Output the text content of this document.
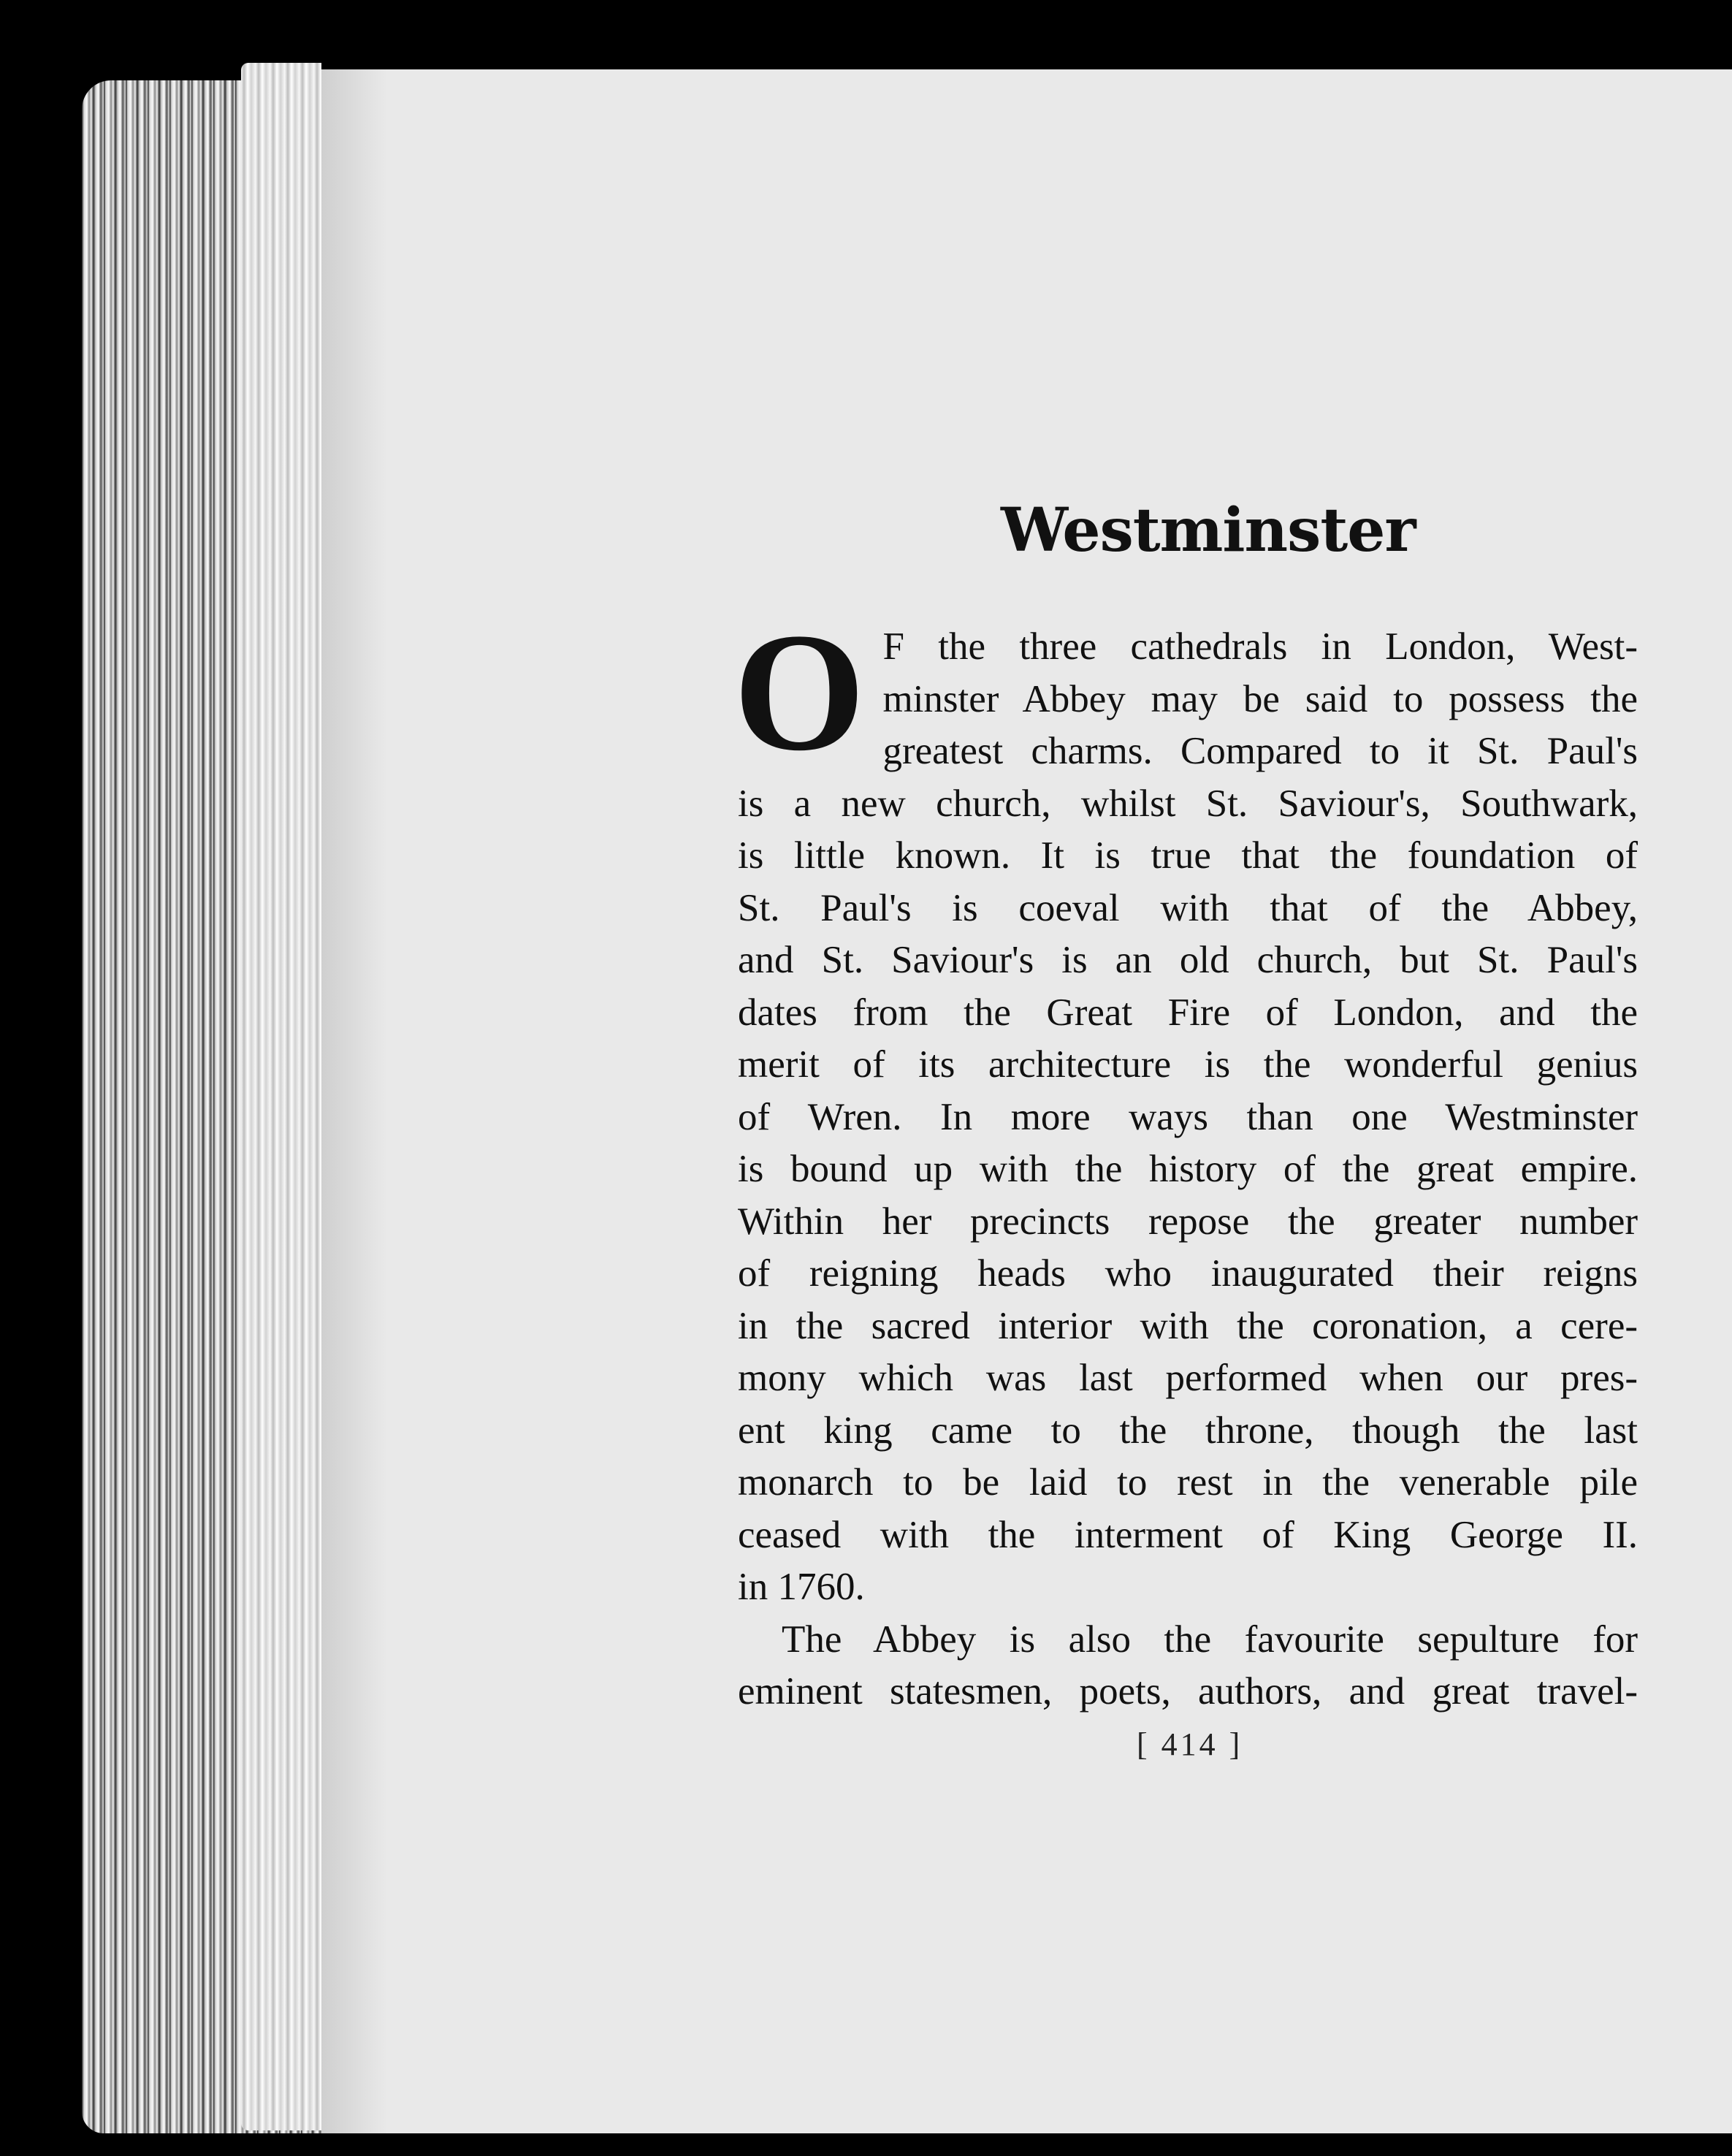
Westminster
O F the three cathedrals in London, West-
minster Abbey may be said to possess the
greatest charms. Compared to it St. Paul's
is a new church, whilst St. Saviour's, Southwark,
is little known. It is true that the foundation of
St. Paul's is coeval with that of the Abbey,
and St. Saviour's is an old church, but St. Paul's
dates from the Great Fire of London, and the
merit of its architecture is the wonderful genius
of Wren. In more ways than one Westminster
is bound up with the history of the great empire.
Within her precincts repose the greater number
of reigning heads who inaugurated their reigns
in the sacred interior with the coronation, a cere-
mony which was last performed when our pres-
ent king came to the throne, though the last
monarch to be laid to rest in the venerable pile
ceased with the interment of King George II.
in 1760.
The Abbey is also the favourite sepulture for
eminent statesmen, poets, authors, and great travel-
[ 414 ]
